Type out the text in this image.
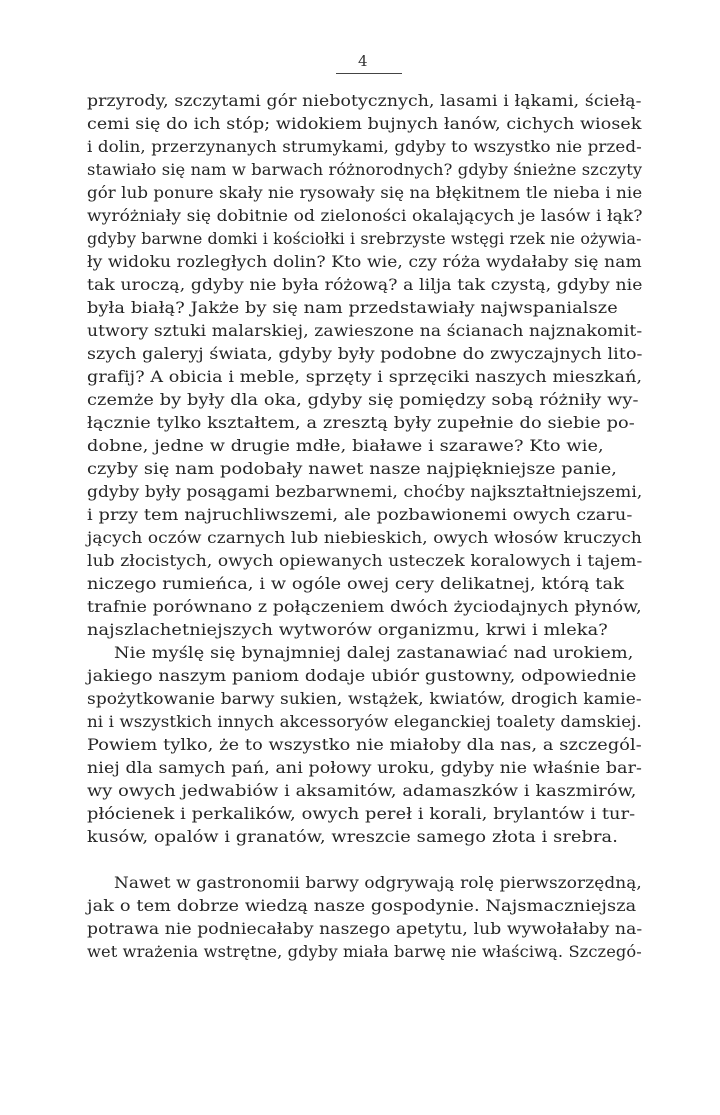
4
przyrody, szczytami gór niebotycznych, lasami i łąkami, ściełą-
cemi się do ich stóp; widokiem bujnych łanów, cichych wiosek
i dolin, przerzynanych strumykami, gdyby to wszystko nie przed-
stawiało się nam w barwach różnorodnych? gdyby śnieżne szczyty
gór lub ponure skały nie rysowały się na błękitnem tle nieba i nie
wyróżniały się dobitnie od zieloności okalających je lasów i łąk?
gdyby barwne domki i kościołki i srebrzyste wstęgi rzek nie ożywia-
ły widoku rozległych dolin? Kto wie, czy róża wydałaby się nam
tak uroczą, gdyby nie była różową? a lilja tak czystą, gdyby nie
była białą? Jakże by się nam przedstawiały najwspanialsze
utwory sztuki malarskiej, zawieszone na ścianach najznakomit-
szych galeryj świata, gdyby były podobne do zwyczajnych lito-
grafij? A obicia i meble, sprzęty i sprzęciki naszych mieszkań,
czemże by były dla oka, gdyby się pomiędzy sobą różniły wy-
łącznie tylko kształtem, a zresztą były zupełnie do siebie po-
dobne, jedne w drugie mdłe, białawe i szarawe? Kto wie,
czyby się nam podobały nawet nasze najpiękniejsze panie,
gdyby były posągami bezbarwnemi, choćby najkształtniejszemi,
i przy tem najruchliwszemi, ale pozbawionemi owych czaru-
jących oczów czarnych lub niebieskich, owych włosów kruczych
lub złocistych, owych opiewanych usteczek koralowych i tajem-
niczego rumieńca, i w ogóle owej cery delikatnej, którą tak
trafnie porównano z połączeniem dwóch życiodajnych płynów,
najszlachetniejszych wytworów organizmu, krwi i mleka?
Nie myślę się bynajmniej dalej zastanawiać nad urokiem,
jakiego naszym paniom dodaje ubiór gustowny, odpowiednie
spożytkowanie barwy sukien, wstążek, kwiatów, drogich kamie-
ni i wszystkich innych akcessoryów eleganckiej toalety damskiej.
Powiem tylko, że to wszystko nie miałoby dla nas, a szczegól-
niej dla samych pań, ani połowy uroku, gdyby nie właśnie bar-
wy owych jedwabiów i aksamitów, adamaszków i kaszmirów,
płócienek i perkalików, owych pereł i korali, brylantów i tur-
kusów, opalów i granatów, wreszcie samego złota i srebra.
Nawet w gastronomii barwy odgrywają rolę pierwszorzędną,
jak o tem dobrze wiedzą nasze gospodynie. Najsmaczniejsza
potrawa nie podniecałaby naszego apetytu, lub wywołałaby na-
wet wrażenia wstrętne, gdyby miała barwę nie właściwą. Szczegó-
